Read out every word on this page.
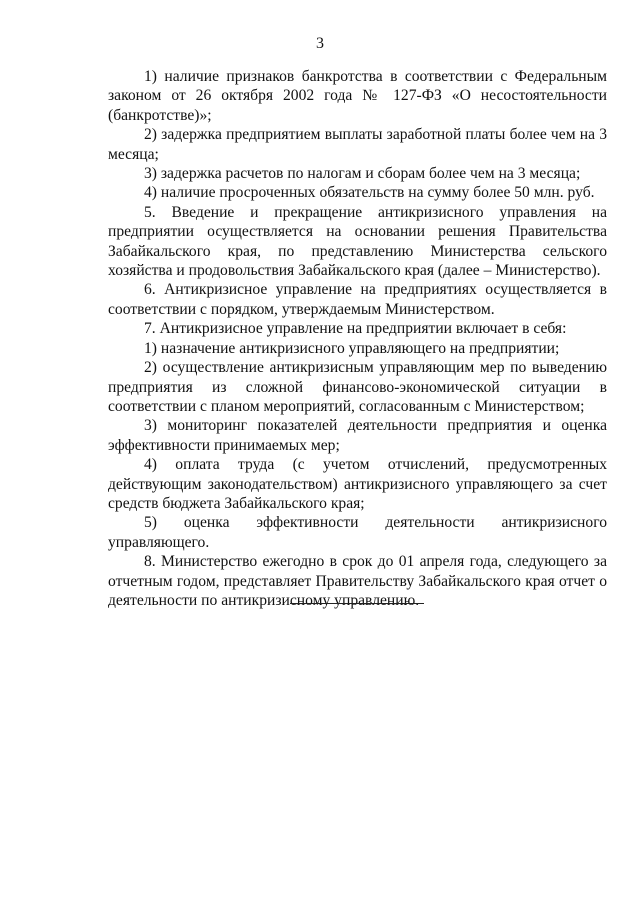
3

1) наличие признаков банкротства в соответствии с Федеральным законом от 26 октября 2002 года № 127-ФЗ «О несостоятельности (банкротстве)»;

2) задержка предприятием выплаты заработной платы более чем на 3 месяца;

3) задержка расчетов по налогам и сборам более чем на 3 месяца;

4) наличие просроченных обязательств на сумму более 50 млн. руб.

5. Введение и прекращение антикризисного управления на предприятии осуществляется на основании решения Правительства Забайкальского края, по представлению Министерства сельского хозяйства и продовольствия Забайкальского края (далее – Министерство).

6. Антикризисное управление на предприятиях осуществляется в соответствии с порядком, утверждаемым Министерством.

7. Антикризисное управление на предприятии включает в себя:

1) назначение антикризисного управляющего на предприятии;

2) осуществление антикризисным управляющим мер по выведению предприятия из сложной финансово-экономической ситуации в соответствии с планом мероприятий, согласованным с Министерством;

3) мониторинг показателей деятельности предприятия и оценка эффективности принимаемых мер;

4) оплата труда (с учетом отчислений, предусмотренных действующим законодательством) антикризисного управляющего за счет средств бюджета Забайкальского края;

5) оценка эффективности деятельности антикризисного управляющего.

8. Министерство ежегодно в срок до 01 апреля года, следующего за отчетным годом, представляет Правительству Забайкальского края отчет о деятельности по антикризисному управлению.
